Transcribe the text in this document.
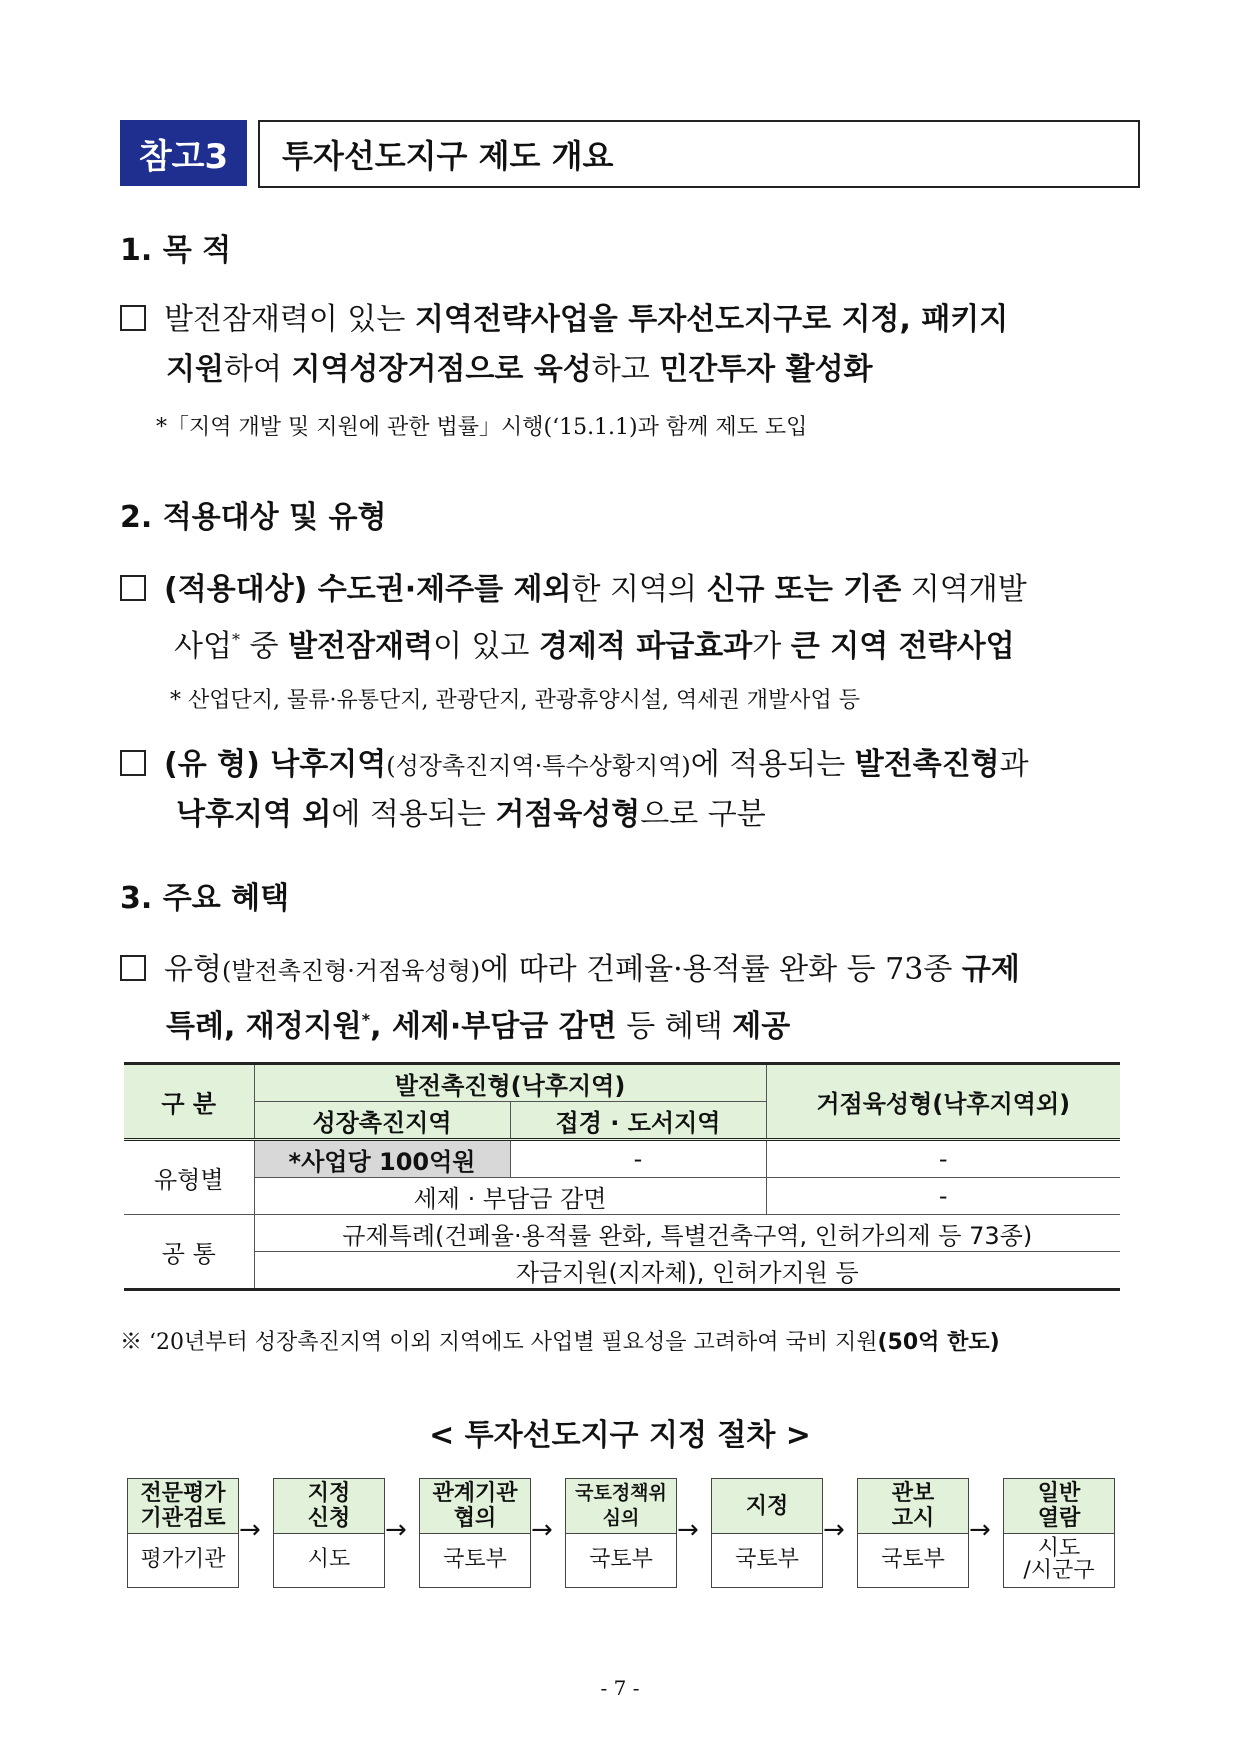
참고3	투자선도지구 제도 개요
1. 목 적
발전잠재력이 있는 지역전략사업을 투자선도지구로 지정, 패키지
지원하여 지역성장거점으로 육성하고 민간투자 활성화
*「지역 개발 및 지원에 관한 법률」시행(‘15.1.1)과 함께 제도 도입
2. 적용대상 및 유형
(적용대상) 수도권·제주를 제외한 지역의 신규 또는 기존 지역개발
사업* 중 발전잠재력이 있고 경제적 파급효과가 큰 지역 전략사업
* 산업단지, 물류·유통단지, 관광단지, 관광휴양시설, 역세권 개발사업 등
(유 형) 낙후지역(성장촉진지역·특수상황지역)에 적용되는 발전촉진형과
낙후지역 외에 적용되는 거점육성형으로 구분
3. 주요 혜택
유형(발전촉진형·거점육성형)에 따라 건폐율·용적률 완화 등 73종 규제
특례, 재정지원*, 세제·부담금 감면 등 혜택 제공
구 분	발전촉진형(낙후지역)		거점육성형(낙후지역외)
	성장촉진지역	접경 · 도서지역	
유형별	*사업당 100억원	-	-
	세제 · 부담금 감면		-
공 통	규제특례(건폐율·용적률 완화, 특별건축구역, 인허가의제 등 73종)		
	자금지원(지자체), 인허가지원 등		
※ ‘20년부터 성장촉진지역 이외 지역에도 사업별 필요성을 고려하여 국비 지원(50억 한도)
< 투자선도지구 지정 절차 >
전문평가
기관검토
평가기관
→
지정
신청
시도
→
관계기관
협의
국토부
→
국토정책위
심의
국토부
→
지정
국토부
→
관보
고시
국토부
→
일반
열람
시도
/시군구
- 7 -
